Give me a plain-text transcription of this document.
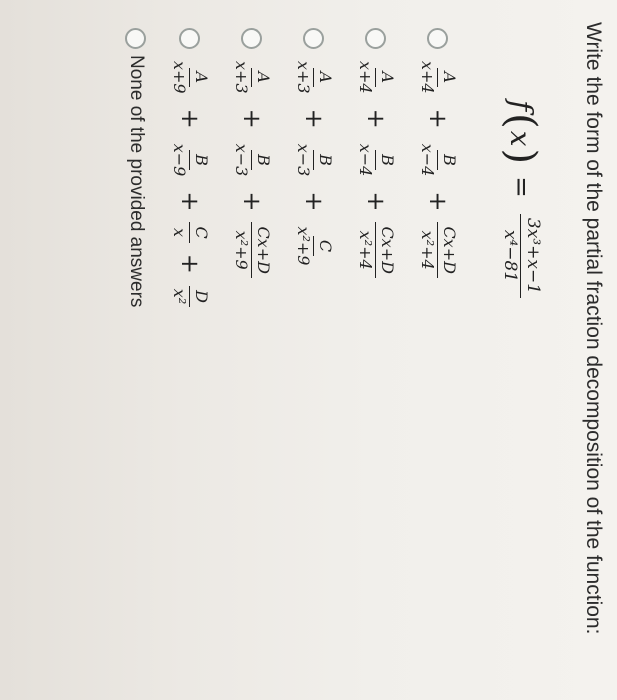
Write the form of the partial fraction decomposition of the function:
f
(
x
)
=
3x³+x−1
x⁴−81
A
x+4
+
B
x−4
+
Cx+D
x²+4
A
x+4
+
B
x−4
+
Cx+D
x²+4
A
x+3
+
B
x−3
+
C
x²+9
A
x+3
+
B
x−3
+
Cx+D
x²+9
A
x+9
+
B
x−9
+
C
x
+
D
x²
None of the provided answers
